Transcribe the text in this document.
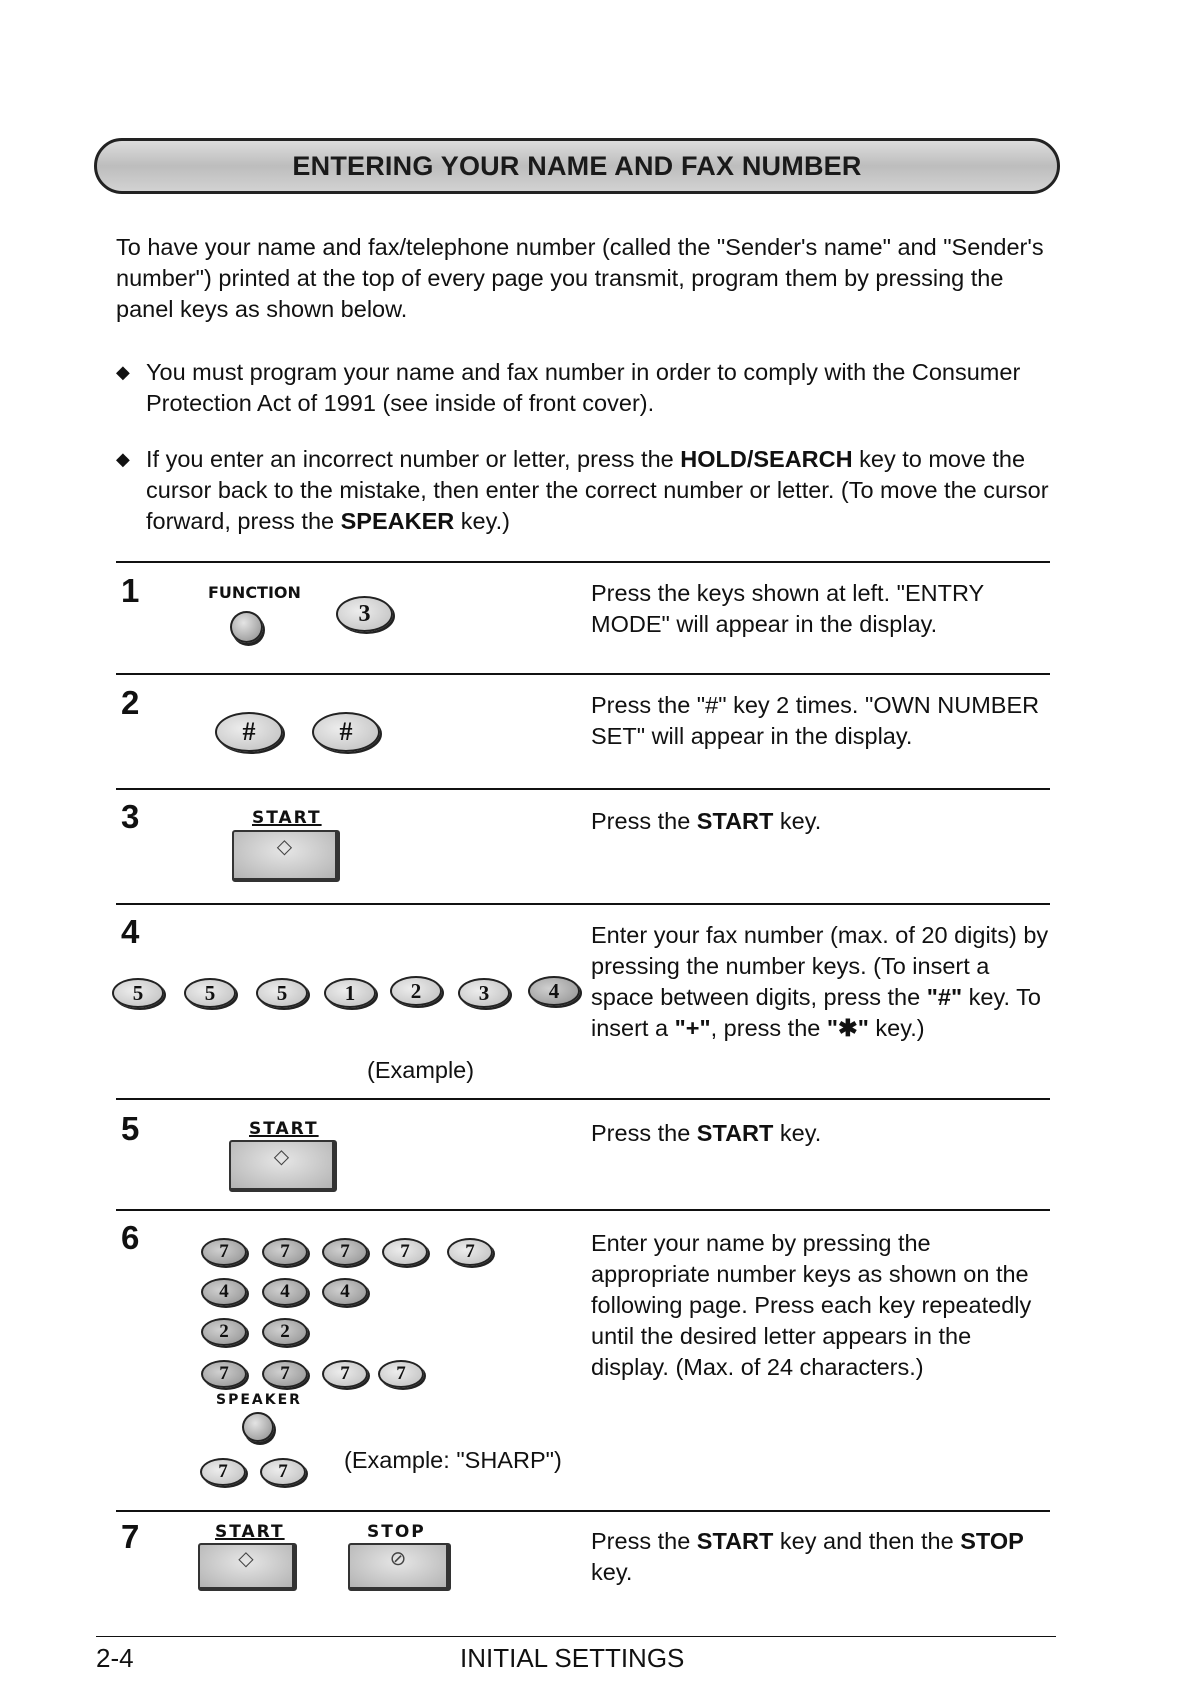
ENTERING YOUR NAME AND FAX NUMBER
To have your name and fax/telephone number (called the "Sender's name" and "Sender's number") printed at the top of every page you transmit, program them by pressing the panel keys as shown below.
◆ You must program your name and fax number in order to comply with the Consumer Protection Act of 1991 (see inside of front cover).
◆ If you enter an incorrect number or letter, press the HOLD/SEARCH key to move the cursor back to the mistake, then enter the correct number or letter. (To move the cursor forward, press the SPEAKER key.)
1	FUNCTION
3
Press the keys shown at left. "ENTRY MODE" will appear in the display.
2
#	#
Press the "#" key 2 times. "OWN NUMBER SET" will appear in the display.
3	START
◇
Press the START key.
4
5	5	5	1	2	3	4
(Example)
Enter your fax number (max. of 20 digits) by pressing the number keys. (To insert a space between digits, press the "#" key. To insert a "+", press the "✱" key.)
5	START
◇
Press the START key.
6	7	7	7	7	7
4	4	4
2	2
7	7	7	7
SPEAKER
7	7	(Example: "SHARP")
Enter your name by pressing the appropriate number keys as shown on the following page. Press each key repeatedly until the desired letter appears in the display. (Max. of 24 characters.)
7	START
◇
STOP
⊘
Press the START key and then the STOP key.
2-4	INITIAL SETTINGS
